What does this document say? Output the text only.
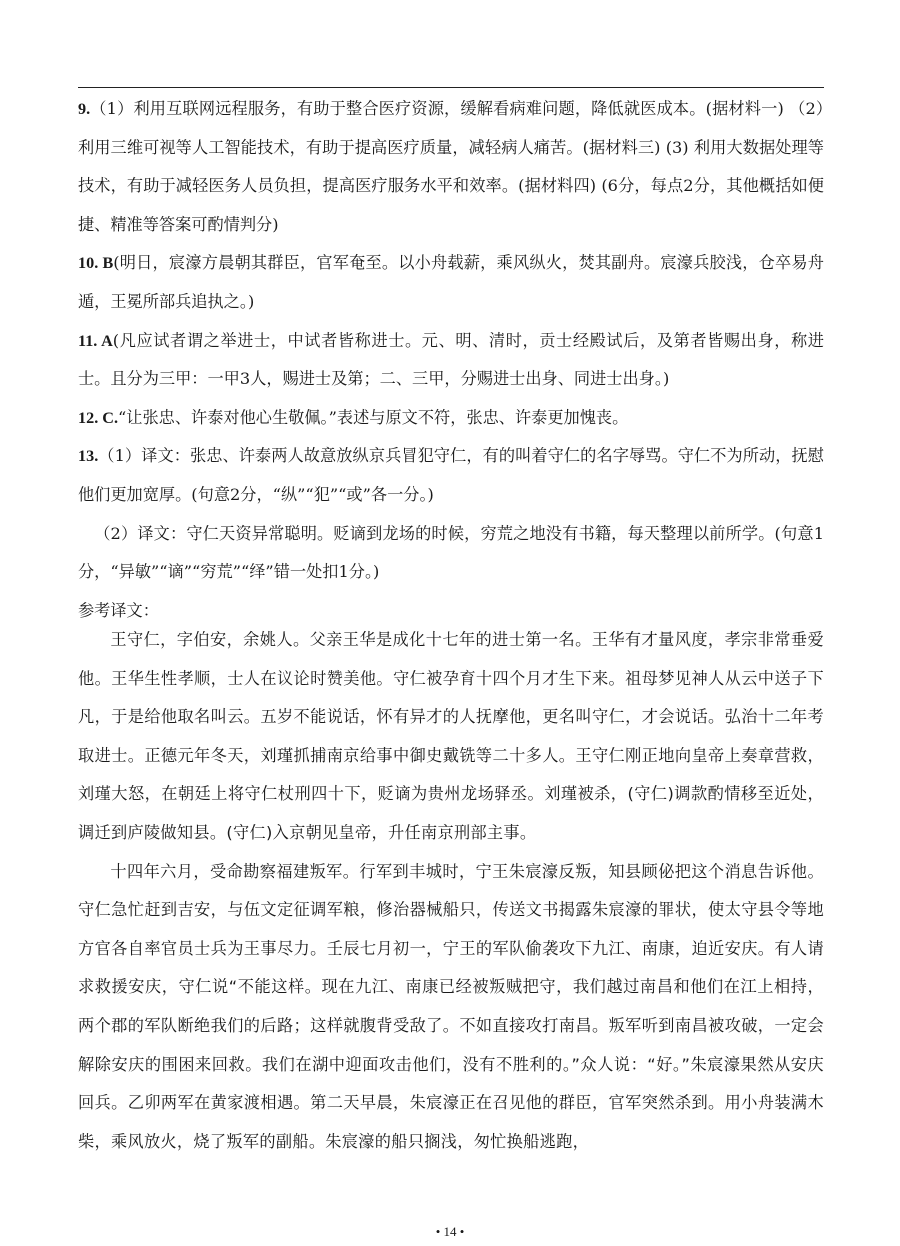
9.（1）利用互联网远程服务，有助于整合医疗资源，缓解看病难问题，降低就医成本。(据材料一) （2）利用三维可视等人工智能技术，有助于提高医疗质量，减轻病人痛苦。(据材料三) (3) 利用大数据处理等技术，有助于减轻医务人员负担，提高医疗服务水平和效率。(据材料四) (6分，每点2分，其他概括如便捷、精准等答案可酌情判分)

10. B(明日，宸濠方晨朝其群臣，官军奄至。以小舟载薪，乘风纵火，焚其副舟。宸濠兵胶浅，仓卒易舟遁，王冕所部兵追执之。)

11. A(凡应试者谓之举进士，中试者皆称进士。元、明、清时，贡士经殿试后，及第者皆赐出身，称进士。且分为三甲：一甲3人，赐进士及第；二、三甲，分赐进士出身、同进士出身。)

12. C.“让张忠、许泰对他心生敬佩。”表述与原文不符，张忠、许泰更加愧丧。

13.（1）译文：张忠、许泰两人故意放纵京兵冒犯守仁，有的叫着守仁的名字辱骂。守仁不为所动，抚慰他们更加宽厚。(句意2分，“纵”“犯”“或”各一分。)

（2）译文：守仁天资异常聪明。贬谪到龙场的时候，穷荒之地没有书籍，每天整理以前所学。(句意1分，“异敏”“谪”“穷荒”“绎”错一处扣1分。)

参考译文：

王守仁，字伯安，余姚人。父亲王华是成化十七年的进士第一名。王华有才量风度，孝宗非常垂爱他。王华生性孝顺，士人在议论时赞美他。守仁被孕育十四个月才生下来。祖母梦见神人从云中送子下凡，于是给他取名叫云。五岁不能说话，怀有异才的人抚摩他，更名叫守仁，才会说话。弘治十二年考取进士。正德元年冬天，刘瑾抓捕南京给事中御史戴铣等二十多人。王守仁刚正地向皇帝上奏章营救，刘瑾大怒，在朝廷上将守仁杖刑四十下，贬谪为贵州龙场驿丞。刘瑾被杀，(守仁)调款酌情移至近处，调迁到庐陵做知县。(守仁)入京朝见皇帝，升任南京刑部主事。

十四年六月，受命勘察福建叛军。行军到丰城时，宁王朱宸濠反叛，知县顾佖把这个消息告诉他。守仁急忙赶到吉安，与伍文定征调军粮，修治器械船只，传送文书揭露朱宸濠的罪状，使太守县令等地方官各自率官员士兵为王事尽力。壬辰七月初一，宁王的军队偷袭攻下九江、南康，迫近安庆。有人请求救援安庆，守仁说“不能这样。现在九江、南康已经被叛贼把守，我们越过南昌和他们在江上相持，两个郡的军队断绝我们的后路；这样就腹背受敌了。不如直接攻打南昌。叛军听到南昌被攻破，一定会解除安庆的围困来回救。我们在湖中迎面攻击他们，没有不胜利的。”众人说：“好。”朱宸濠果然从安庆回兵。乙卯两军在黄家渡相遇。第二天早晨，朱宸濠正在召见他的群臣，官军突然杀到。用小舟装满木柴，乘风放火，烧了叛军的副船。朱宸濠的船只搁浅，匆忙换船逃跑，

• 14 •
